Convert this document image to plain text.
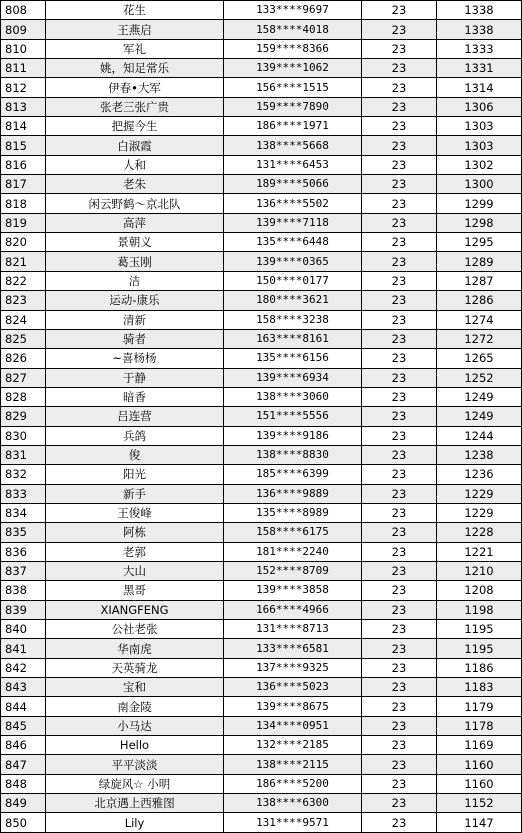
808	花生	133****9697	23	1338
809	王燕启	158****4018	23	1338
810	军礼	159****8366	23	1333
811	姚，知足常乐	139****1062	23	1331
812	伊春•大军	156****1515	23	1314
813	张老三张广贵	159****7890	23	1306
814	把握今生	186****1971	23	1303
815	白淑霞	138****5668	23	1303
816	人和	131****6453	23	1302
817	老朱	189****5066	23	1300
818	闲云野鹤～京北队	136****5502	23	1299
819	高萍	139****7118	23	1298
820	景朝义	135****6448	23	1295
821	葛玉刚	139****0365	23	1289
822	洁	150****0177	23	1287
823	运动-康乐	180****3621	23	1286
824	清新	158****3238	23	1274
825	骑者	163****8161	23	1272
826	~喜杨杨	135****6156	23	1265
827	于静	139****6934	23	1252
828	暗香	138****3060	23	1249
829	吕连营	151****5556	23	1249
830	兵鸽	139****9186	23	1244
831	俊	138****8830	23	1238
832	阳光	185****6399	23	1236
833	新手	136****9889	23	1229
834	王俊峰	135****8989	23	1229
835	阿栋	158****6175	23	1228
836	老郭	181****2240	23	1221
837	大山	152****8709	23	1210
838	黑哥	139****3858	23	1208
839	XIANGFENG	166****4966	23	1198
840	公社老张	131****8713	23	1195
841	华南虎	133****6581	23	1195
842	天英骑龙	137****9325	23	1186
843	宝和	136****5023	23	1183
844	南金陵	139****8675	23	1179
845	小马达	134****0951	23	1178
846	Hello	132****2185	23	1169
847	平平淡淡	138****2115	23	1160
848	绿旋风☆ 小明	186****5200	23	1160
849	北京遇上西雅图	138****6300	23	1152
850	Lily	131****9571	23	1147
